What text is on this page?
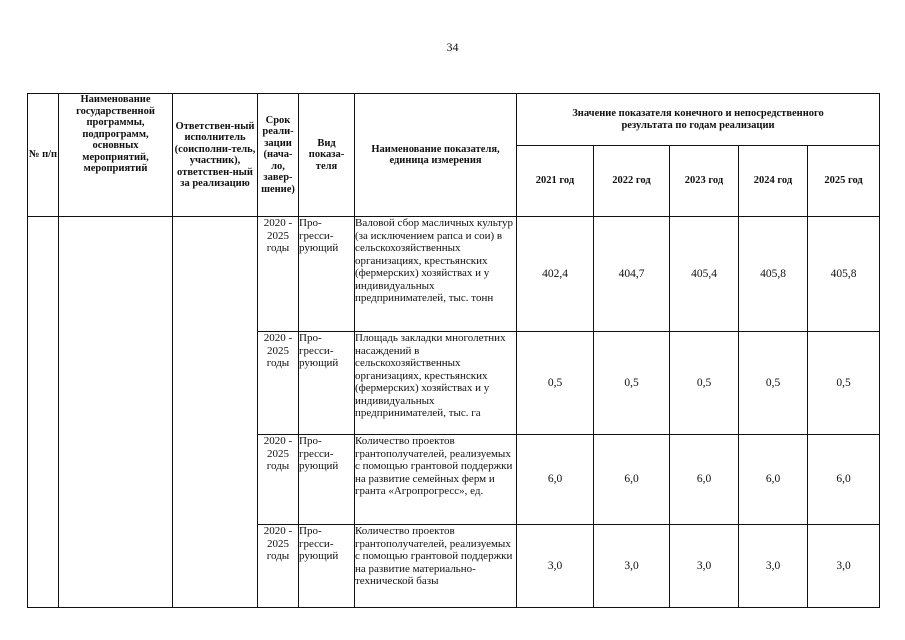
34
№ п/п	Наименование государственной программы, подпрограмм, основных мероприятий, мероприятий	Ответствен-ный исполнитель (соисполни-тель, участник), ответствен-ный за реализацию	Срок реали-зации (нача-ло, завер-шение)	Вид показа-теля	Наименование показателя, единица измерения	Значение показателя конечного и непосредственного результата по годам реализации				
						2021 год	2022 год	2023 год	2024 год	2025 год
			2020 - 2025 годы	Про-гресси-рующий	Валовой сбор масличных культур (за исключением рапса и сои) в сельскохозяйственных организациях, крестьянских (фермерских) хозяйствах и у индивидуальных предпринимателей, тыс. тонн	402,4	404,7	405,4	405,8	405,8
			2020 - 2025 годы	Про-гресси-рующий	Площадь закладки многолетних насаждений в сельскохозяйственных организациях, крестьянских (фермерских) хозяйствах и у индивидуальных предпринимателей, тыс. га	0,5	0,5	0,5	0,5	0,5
			2020 - 2025 годы	Про-гресси-рующий	Количество проектов грантополучателей, реализуемых с помощью грантовой поддержки на развитие семейных ферм и гранта «Агропрогресс», ед.	6,0	6,0	6,0	6,0	6,0
			2020 - 2025 годы	Про-гресси-рующий	Количество проектов грантополучателей, реализуемых с помощью грантовой поддержки на развитие материально-технической базы	3,0	3,0	3,0	3,0	3,0
